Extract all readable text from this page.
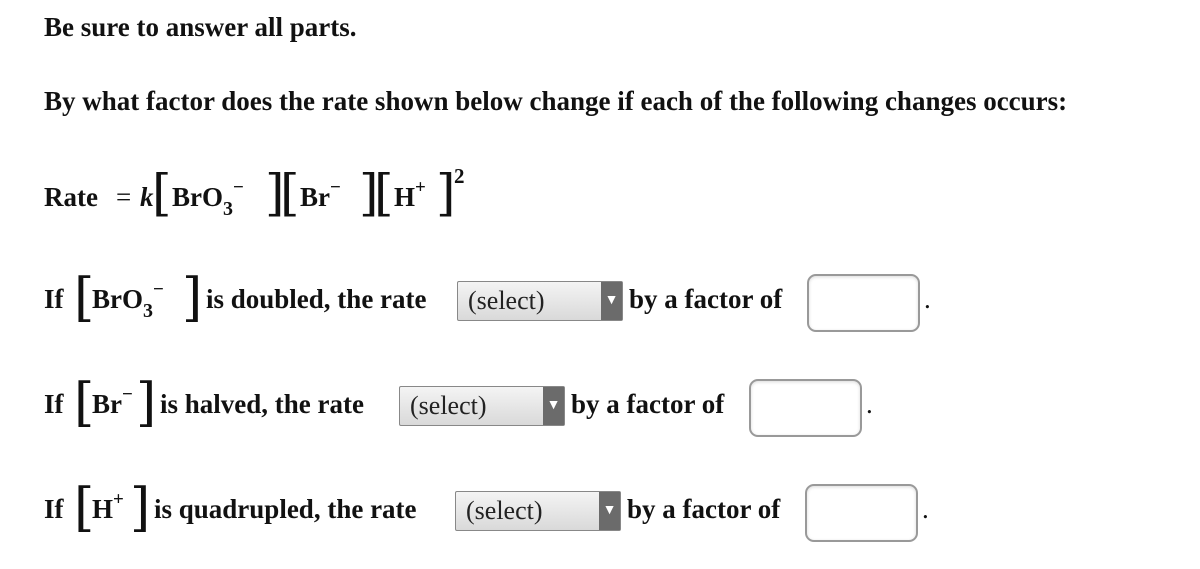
Be sure to answer all parts.
By what factor does the rate shown below change if each of the following changes occurs:
Rate = k
[ BrO$_3$− ]
[ Br− ]
[ H+ ]
2
If [
BrO$_3$− ] is doubled, the rate	(select)	▼ by a factor of	.
If [
Br− ] is halved, the rate	(select)	▼ by a factor of	.
If [
H+ ] is quadrupled, the rate	(select)	▼ by a factor of	.
